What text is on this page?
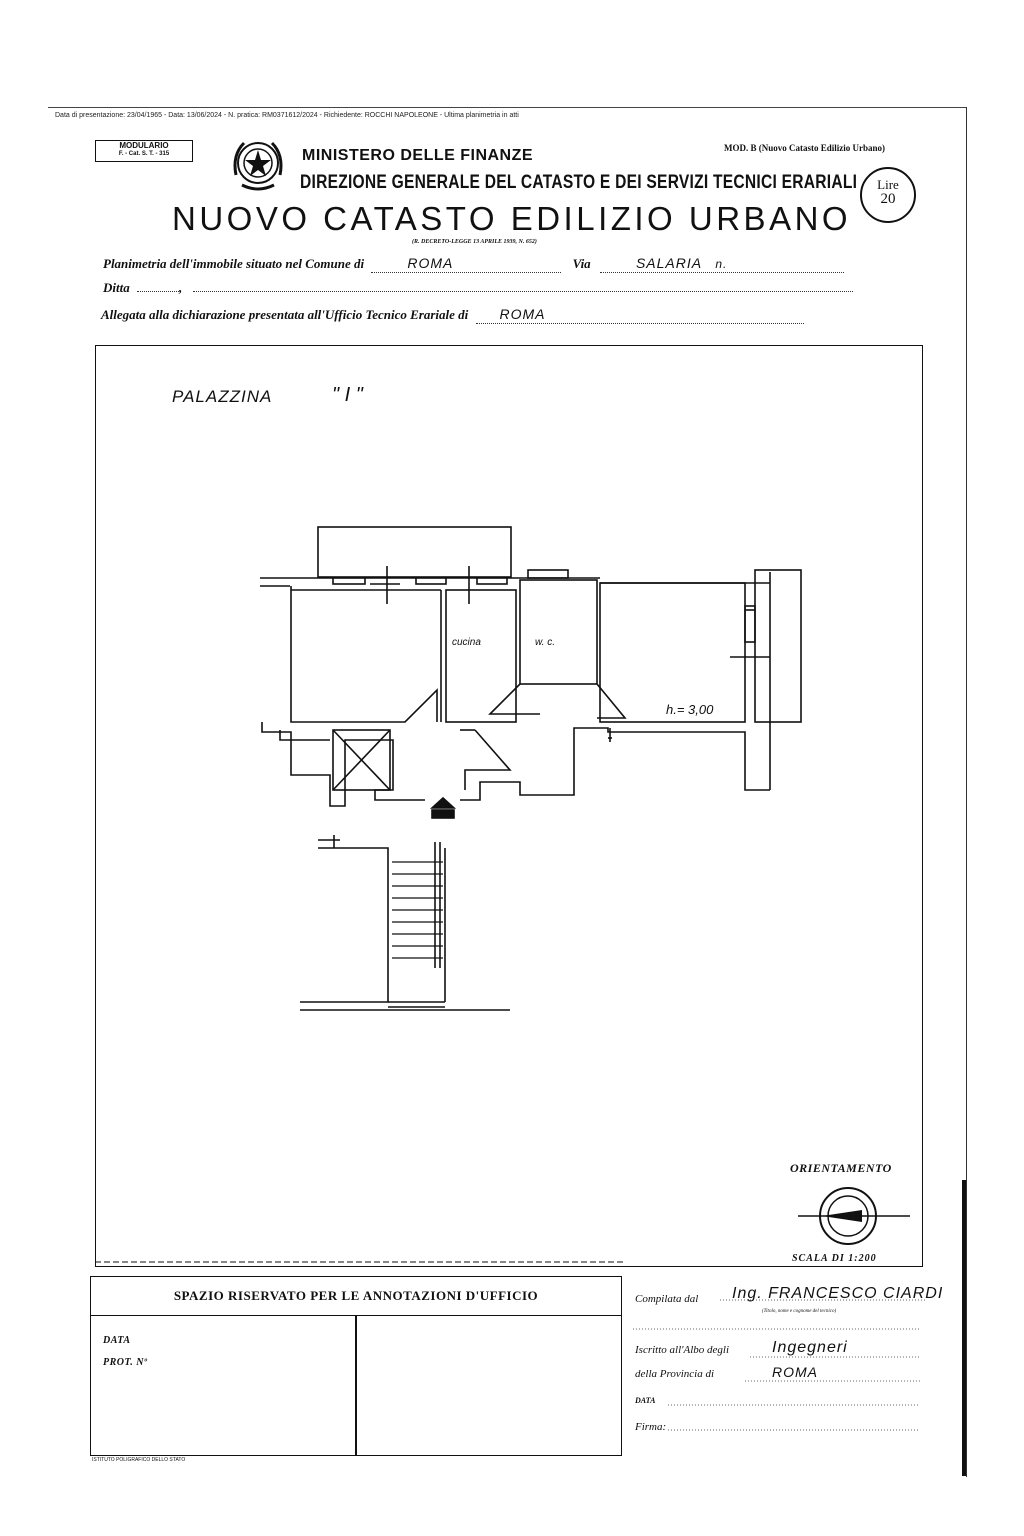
Data di presentazione: 23/04/1965 - Data: 13/06/2024 - N. pratica: RM0371612/2024 - Richiedente: ROCCHI NAPOLEONE - Ultima planimetria in atti
MODULARIO
F. - Cat. S. T. - 315	MINISTERO DELLE FINANZE
DIREZIONE GENERALE DEL CATASTO E DEI SERVIZI TECNICI ERARIALI
MOD. B (Nuovo Catasto Edilizio Urbano)
Lire
20
NUOVO CATASTO EDILIZIO URBANO
(R. DECRETO-LEGGE 13 APRILE 1939, N. 652)
Planimetria dell'immobile situato nel Comune di	ROMA	Via	SALARIA n.
Ditta	,
Allegata alla dichiarazione presentata all'Ufficio Tecnico Erariale di ROMA
PALAZZINA	" I "
cucina	w. c.
h.= 3,00
ORIENTAMENTO
SCALA DI 1:200
SPAZIO RISERVATO PER LE ANNOTAZIONI D'UFFICIO
DATA
PROT. Nº
Compilata dal Ing. FRANCESCO CIARDI
(Titolo, nome e cognome del tecnico)
Iscritto all'Albo degli	Ingegneri
della Provincia di	ROMA
DATA
Firma:
ISTITUTO POLIGRAFICO DELLO STATO
